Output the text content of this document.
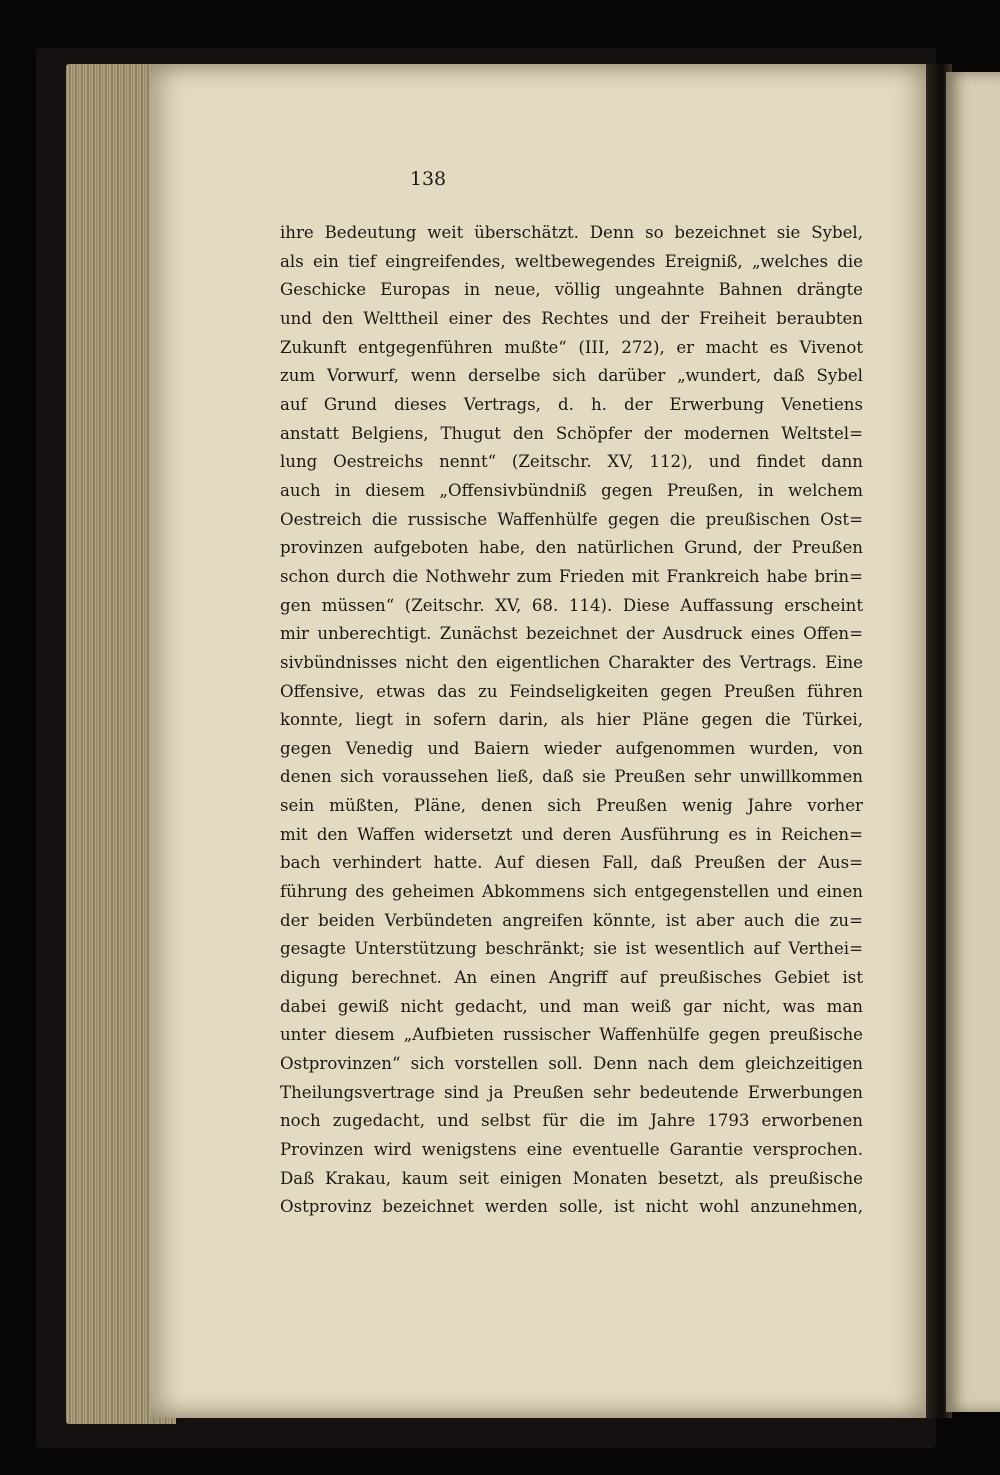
138

ihre Bedeutung weit überschätzt. Denn so bezeichnet sie Sybel,
als ein tief eingreifendes, weltbewegendes Ereigniß, „welches die
Geschicke Europas in neue, völlig ungeahnte Bahnen drängte
und den Welttheil einer des Rechtes und der Freiheit beraubten
Zukunft entgegenführen mußte“ (III, 272), er macht es Vivenot
zum Vorwurf, wenn derselbe sich darüber „wundert, daß Sybel
auf Grund dieses Vertrags, d. h. der Erwerbung Venetiens
anstatt Belgiens, Thugut den Schöpfer der modernen Weltstel=
lung Oestreichs nennt“ (Zeitschr. XV, 112), und findet dann
auch in diesem „Offensivbündniß gegen Preußen, in welchem
Oestreich die russische Waffenhülfe gegen die preußischen Ost=
provinzen aufgeboten habe, den natürlichen Grund, der Preußen
schon durch die Nothwehr zum Frieden mit Frankreich habe brin=
gen müssen“ (Zeitschr. XV, 68. 114). Diese Auffassung erscheint
mir unberechtigt. Zunächst bezeichnet der Ausdruck eines Offen=
sivbündnisses nicht den eigentlichen Charakter des Vertrags. Eine
Offensive, etwas das zu Feindseligkeiten gegen Preußen führen
konnte, liegt in sofern darin, als hier Pläne gegen die Türkei,
gegen Venedig und Baiern wieder aufgenommen wurden, von
denen sich voraussehen ließ, daß sie Preußen sehr unwillkommen
sein müßten, Pläne, denen sich Preußen wenig Jahre vorher
mit den Waffen widersetzt und deren Ausführung es in Reichen=
bach verhindert hatte. Auf diesen Fall, daß Preußen der Aus=
führung des geheimen Abkommens sich entgegenstellen und einen
der beiden Verbündeten angreifen könnte, ist aber auch die zu=
gesagte Unterstützung beschränkt; sie ist wesentlich auf Verthei=
digung berechnet. An einen Angriff auf preußisches Gebiet ist
dabei gewiß nicht gedacht, und man weiß gar nicht, was man
unter diesem „Aufbieten russischer Waffenhülfe gegen preußische
Ostprovinzen“ sich vorstellen soll. Denn nach dem gleichzeitigen
Theilungsvertrage sind ja Preußen sehr bedeutende Erwerbungen
noch zugedacht, und selbst für die im Jahre 1793 erworbenen
Provinzen wird wenigstens eine eventuelle Garantie versprochen.
Daß Krakau, kaum seit einigen Monaten besetzt, als preußische
Ostprovinz bezeichnet werden solle, ist nicht wohl anzunehmen,
